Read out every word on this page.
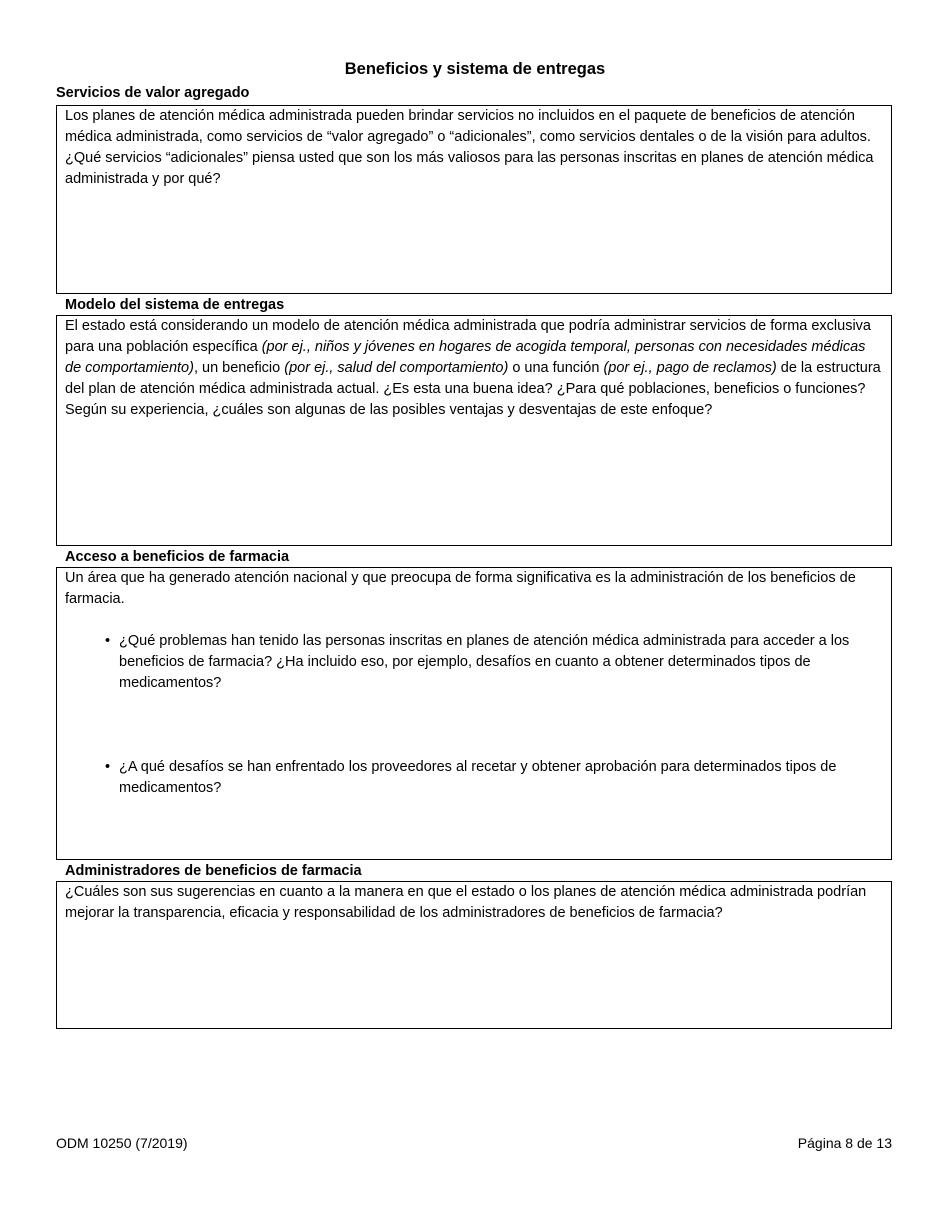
Beneficios y sistema de entregas
Servicios de valor agregado

Los planes de atención médica administrada pueden brindar servicios no incluidos en el paquete de beneficios de atención médica administrada, como servicios de “valor agregado” o “adicionales”, como servicios dentales o de la visión para adultos. ¿Qué servicios “adicionales” piensa usted que son los más valiosos para las personas inscritas en planes de atención médica administrada y por qué?

Modelo del sistema de entregas

El estado está considerando un modelo de atención médica administrada que podría administrar servicios de forma exclusiva para una población específica (por ej., niños y jóvenes en hogares de acogida temporal, personas con necesidades médicas de comportamiento), un beneficio (por ej., salud del comportamiento) o una función (por ej., pago de reclamos) de la estructura del plan de atención médica administrada actual. ¿Es esta una buena idea? ¿Para qué poblaciones, beneficios o funciones? Según su experiencia, ¿cuáles son algunas de las posibles ventajas y desventajas de este enfoque?

Acceso a beneficios de farmacia

Un área que ha generado atención nacional y que preocupa de forma significativa es la administración de los beneficios de farmacia.

• ¿Qué problemas han tenido las personas inscritas en planes de atención médica administrada para acceder a los beneficios de farmacia? ¿Ha incluido eso, por ejemplo, desafíos en cuanto a obtener determinados tipos de medicamentos?
• ¿A qué desafíos se han enfrentado los proveedores al recetar y obtener aprobación para determinados tipos de medicamentos?
Administradores de beneficios de farmacia

¿Cuáles son sus sugerencias en cuanto a la manera en que el estado o los planes de atención médica administrada podrían mejorar la transparencia, eficacia y responsabilidad de los administradores de beneficios de farmacia?

ODM 10250 (7/2019)	Página 8 de 13
